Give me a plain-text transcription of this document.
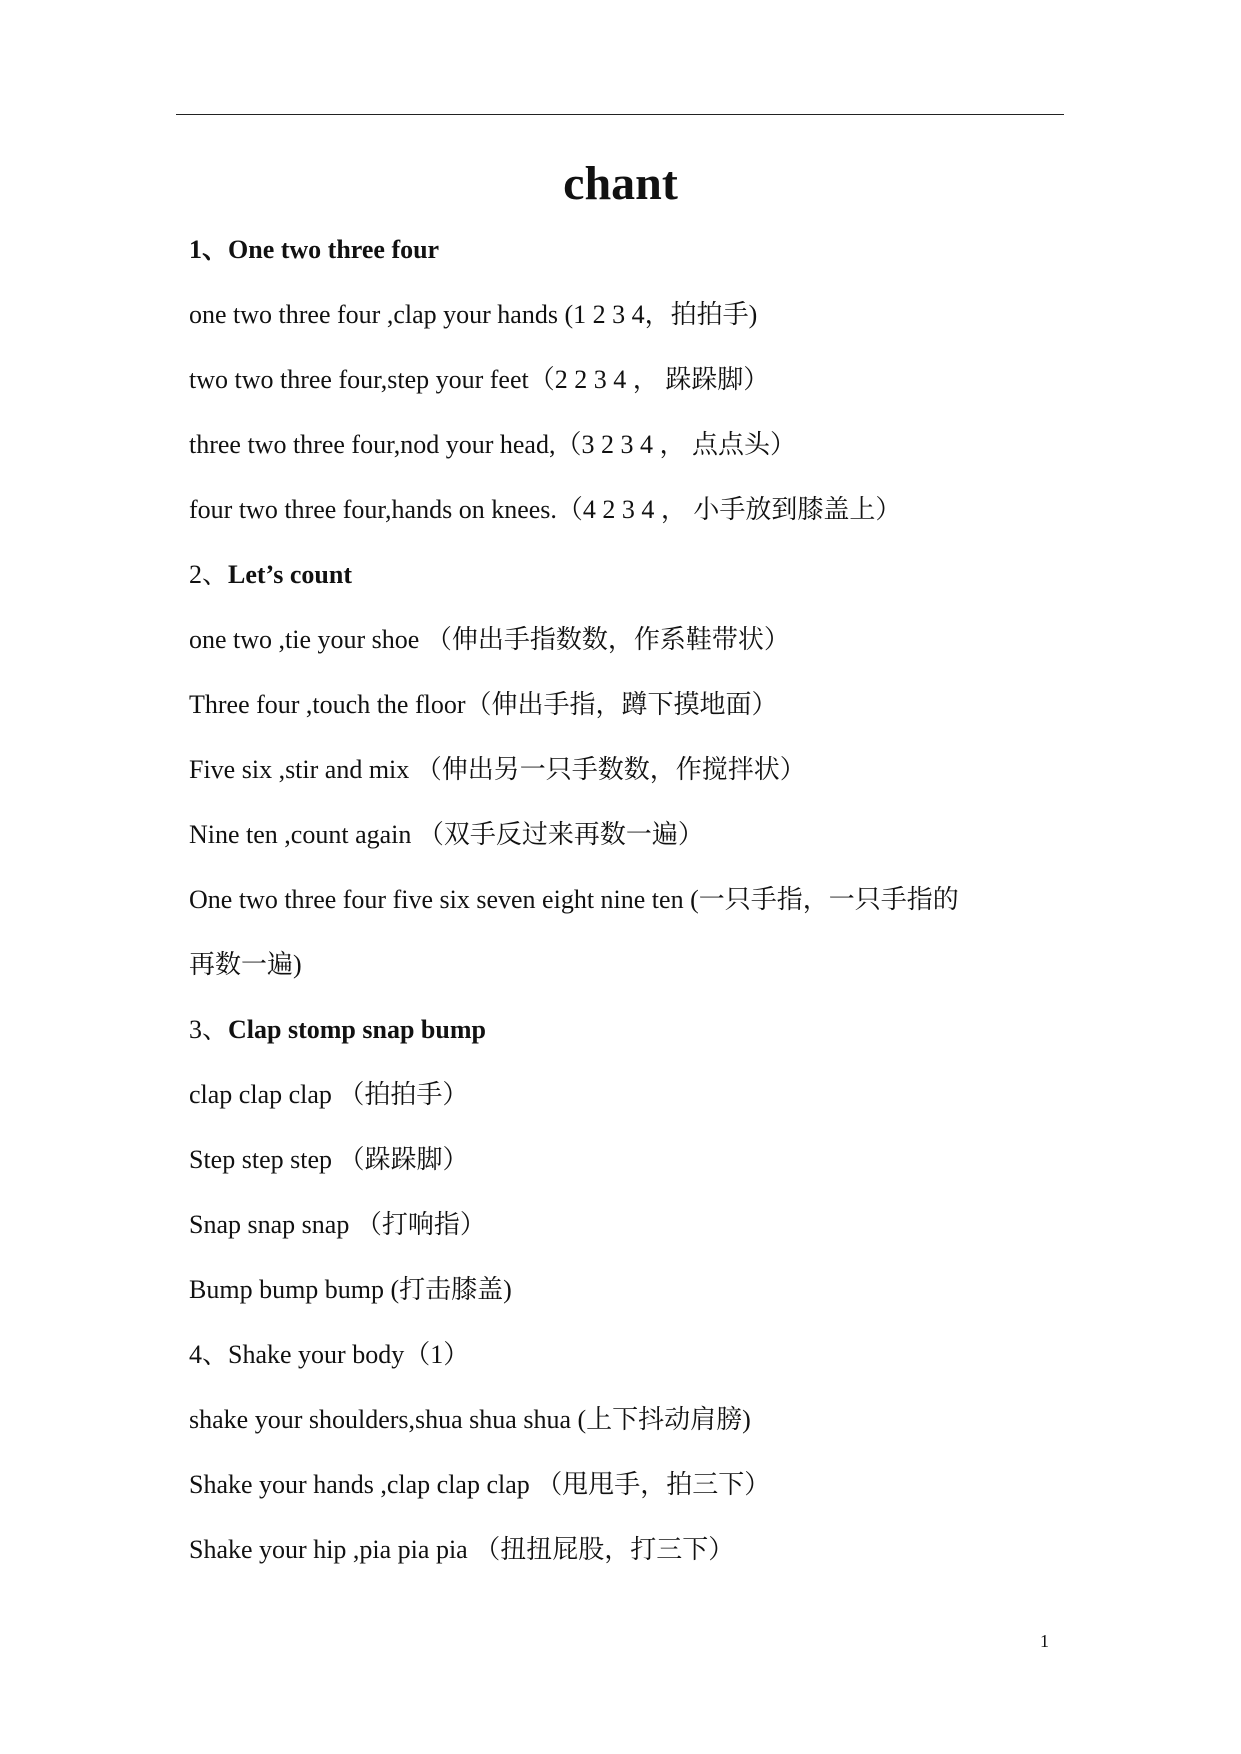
chant
1、One two three four
one two three four ,clap your hands (1 2 3 4，拍拍手)
two two three four,step your feet（2 2 3 4 ， 跺跺脚）
three two three four,nod your head,（3 2 3 4 ， 点点头）
four two three four,hands on knees.（4 2 3 4 ， 小手放到膝盖上）
2、Let’s count
one two ,tie your shoe （伸出手指数数，作系鞋带状）
Three four ,touch the floor（伸出手指，蹲下摸地面）
Five six ,stir and mix （伸出另一只手数数，作搅拌状）
Nine ten ,count again （双手反过来再数一遍）
One two three four five six seven eight nine ten (一只手指，一只手指的
再数一遍)
3、Clap stomp snap bump
clap clap clap （拍拍手）
Step step step （跺跺脚）
Snap snap snap （打响指）
Bump bump bump (打击膝盖)
4、Shake your body（1）
shake your shoulders,shua shua shua (上下抖动肩膀)
Shake your hands ,clap clap clap （甩甩手，拍三下）
Shake your hip ,pia pia pia （扭扭屁股，打三下）
1
